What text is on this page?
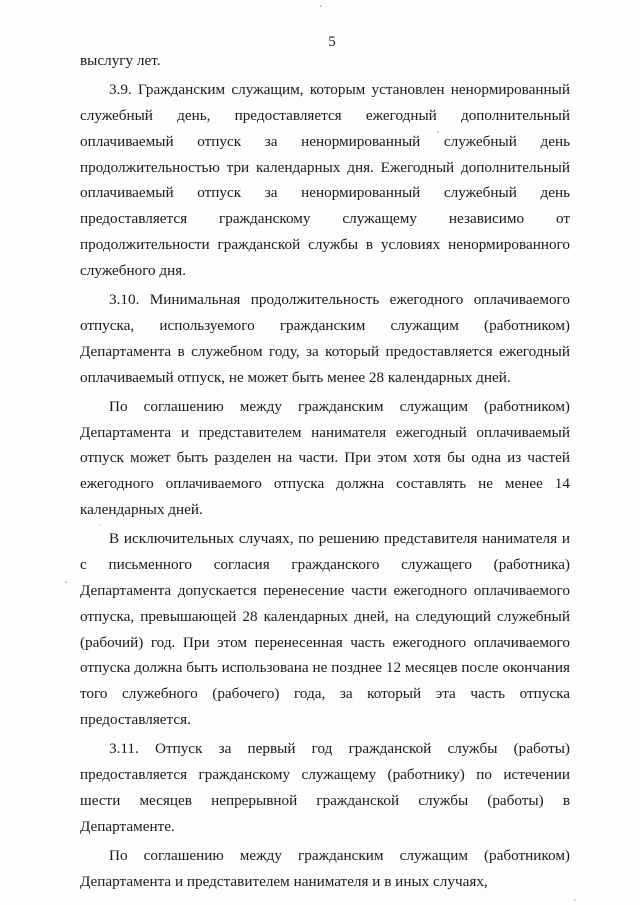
5

выслугу лет.

3.9. Гражданским служащим, которым установлен ненормированный служебный день, предоставляется ежегодный дополнительный оплачиваемый отпуск за ненормированный служебный день продолжительностью три календарных дня. Ежегодный дополнительный оплачиваемый отпуск за ненормированный служебный день предоставляется гражданскому служащему независимо от продолжительности гражданской службы в условиях ненормированного служебного дня.

3.10. Минимальная продолжительность ежегодного оплачиваемого отпуска, используемого гражданским служащим (работником) Департамента в служебном году, за который предоставляется ежегодный оплачиваемый отпуск, не может быть менее 28 календарных дней.

По соглашению между гражданским служащим (работником) Департамента и представителем нанимателя ежегодный оплачиваемый отпуск может быть разделен на части. При этом хотя бы одна из частей ежегодного оплачиваемого отпуска должна составлять не менее 14 календарных дней.

В исключительных случаях, по решению представителя нанимателя и с письменного согласия гражданского служащего (работника) Департамента допускается перенесение части ежегодного оплачиваемого отпуска, превышающей 28 календарных дней, на следующий служебный (рабочий) год. При этом перенесенная часть ежегодного оплачиваемого отпуска должна быть использована не позднее 12 месяцев после окончания того служебного (рабочего) года, за который эта часть отпуска предоставляется.

3.11. Отпуск за первый год гражданской службы (работы) предоставляется гражданскому служащему (работнику) по истечении шести месяцев непрерывной гражданской службы (работы) в Департаменте.

По соглашению между гражданским служащим (работником) Департамента и представителем нанимателя и в иных случаях,
